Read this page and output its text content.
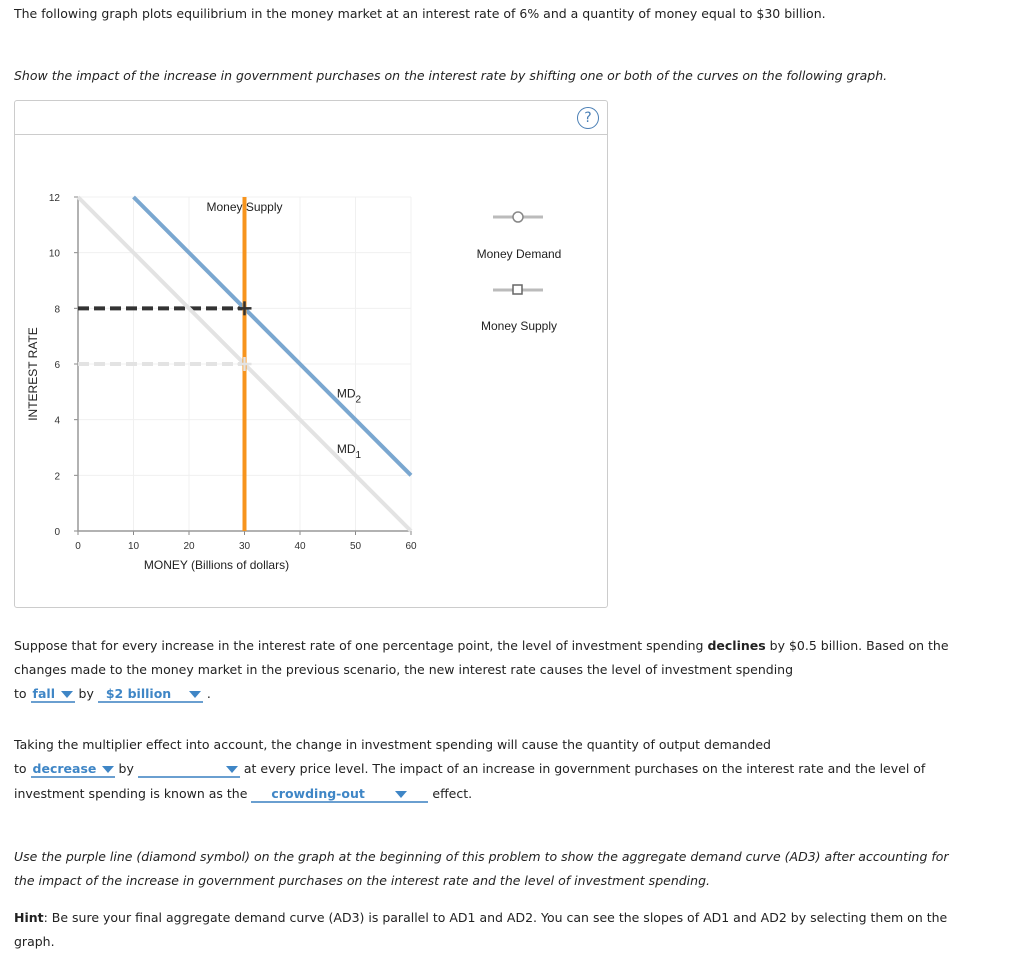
The following graph plots equilibrium in the money market at an interest rate of 6% and a quantity of money equal to $30 billion.
Show the impact of the increase in government purchases on the interest rate by shifting one or both of the curves on the following graph.
?
0	10	20	30	40	50	60
0
2
4
6
8
10
12
MONEY (Billions of dollars)
INTEREST RATE
Money Supply
$MD_2$
$MD_1$
Money Demand
Money Supply
Suppose that for every increase in the interest rate of one percentage point, the level of investment spending declines by $0.5 billion. Based on the
changes made to the money market in the previous scenario, the new interest rate causes the level of investment spending
to fall by $2 billion	.
Taking the multiplier effect into account, the change in investment spending will cause the quantity of output demanded
to decrease by	at every price level. The impact of an increase in government purchases on the interest rate and the level of
investment spending is known as the crowding-out	effect.
Use the purple line (diamond symbol) on the graph at the beginning of this problem to show the aggregate demand curve (AD3) after accounting for
the impact of the increase in government purchases on the interest rate and the level of investment spending.
Hint: Be sure your final aggregate demand curve (AD3) is parallel to AD1 and AD2. You can see the slopes of AD1 and AD2 by selecting them on the
graph.
